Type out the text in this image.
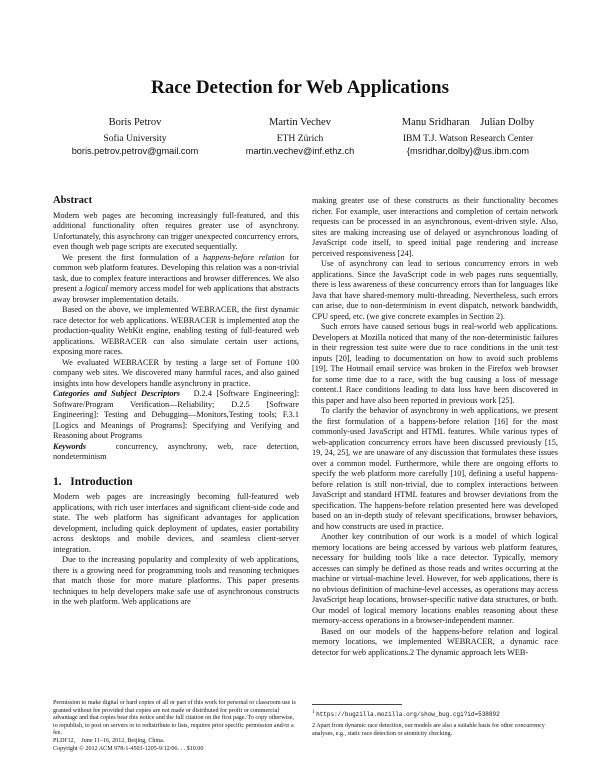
Race Detection for Web Applications
Boris Petrov
Sofia University
boris.petrov.petrov@gmail.com
Martin Vechev
ETH Zürich
martin.vechev@inf.ethz.ch
Manu Sridharan    Julian Dolby
IBM T.J. Watson Research Center
{msridhar,dolby}@us.ibm.com
Abstract

Modern web pages are becoming increasingly full-featured, and this additional functionality often requires greater use of asynchrony. Unfortunately, this asynchrony can trigger unexpected concurrency errors, even though web page scripts are executed sequentially.

We present the first formulation of a happens-before relation for common web platform features. Developing this relation was a non-trivial task, due to complex feature interactions and browser differences. We also present a logical memory access model for web applications that abstracts away browser implementation details.

Based on the above, we implemented WEBRACER, the first dynamic race detector for web applications. WEBRACER is implemented atop the production-quality WebKit engine, enabling testing of full-featured web applications. WEBRACER can also simulate certain user actions, exposing more races.

We evaluated WEBRACER by testing a large set of Fortune 100 company web sites. We discovered many harmful races, and also gained insights into how developers handle asynchrony in practice.

Categories and Subject Descriptors D.2.4 [Software Engineering]: Software/Program Verification—Reliability; D.2.5 [Software Engineering]: Testing and Debugging—Monitors,Testing tools; F.3.1 [Logics and Meanings of Programs]: Specifying and Verifying and Reasoning about Programs

Keywords	concurrency, asynchrony, web, race detection, nondeterminism

1.   Introduction

Modern web pages are increasingly becoming full-featured web applications, with rich user interfaces and significant client-side code and state. The web platform has significant advantages for application development, including quick deployment of updates, easier portability across desktops and mobile devices, and seamless client-server integration.

Due to the increasing popularity and complexity of web applications, there is a growing need for programming tools and reasoning techniques that match those for more mature platforms. This paper presents techniques to help developers make safe use of asynchronous constructs in the web platform. Web applications are

making greater use of these constructs as their functionality becomes richer. For example, user interactions and completion of certain network requests can be processed in an asynchronous, event-driven style. Also, sites are making increasing use of delayed or asynchronous loading of JavaScript code itself, to speed initial page rendering and increase perceived responsiveness [24].

Use of asynchrony can lead to serious concurrency errors in web applications. Since the JavaScript code in web pages runs sequentially, there is less awareness of these concurrency errors than for languages like Java that have shared-memory multi-threading. Nevertheless, such errors can arise, due to non-determinism in event dispatch, network bandwidth, CPU speed, etc. (we give concrete examples in Section 2).

Such errors have caused serious bugs in real-world web applications. Developers at Mozilla noticed that many of the non-deterministic failures in their regression test suite were due to race conditions in the unit test inputs [20], leading to documentation on how to avoid such problems [19]. The Hotmail email service was broken in the Firefox web browser for some time due to a race, with the bug causing a loss of message content.1 Race conditions leading to data loss have been discovered in this paper and have also been reported in previous work [25].

To clarify the behavior of asynchrony in web applications, we present the first formulation of a happens-before relation [16] for the most commonly-used JavaScript and HTML features. While various types of web-application concurrency errors have been discussed previously [15, 19, 24, 25], we are unaware of any discussion that formulates these issues over a common model. Furthermore, while there are ongoing efforts to specify the web platform more carefully [10], defining a useful happens-before relation is still non-trivial, due to complex interactions between JavaScript and standard HTML features and browser deviations from the specification. The happens-before relation presented here was developed based on an in-depth study of relevant specifications, browser behaviors, and how constructs are used in practice.

Another key contribution of our work is a model of which logical memory locations are being accessed by various web platform features, necessary for building tools like a race detector. Typically, memory accesses can simply be defined as those reads and writes occurring at the machine or virtual-machine level. However, for web applications, there is no obvious definition of machine-level accesses, as operations may access JavaScript heap locations, browser-specific native data structures, or both. Our model of logical memory locations enables reasoning about these memory-access operations in a browser-independent manner.

Based on our models of the happens-before relation and logical memory locations, we implemented WEBRACER, a dynamic race detector for web applications.2 The dynamic approach lets WEB-

Permission to make digital or hard copies of all or part of this work for personal or classroom use is granted without fee provided that copies are not made or distributed for profit or commercial advantage and that copies bear this notice and the full citation on the first page. To copy otherwise, to republish, to post on servers or to redistribute to lists, requires prior specific permission and/or a fee.
PLDI'12,    June 11–16, 2012, Beijing, China.
Copyright © 2012 ACM 978-1-4503-1205-9/12/06. . . $10.00
$^1$ https://bugzilla.mozilla.org/show_bug.cgi?id=538892
2 Apart from dynamic race detection, our models are also a suitable basis for other concurrency analyses, e.g., static race detection or atomicity checking.
